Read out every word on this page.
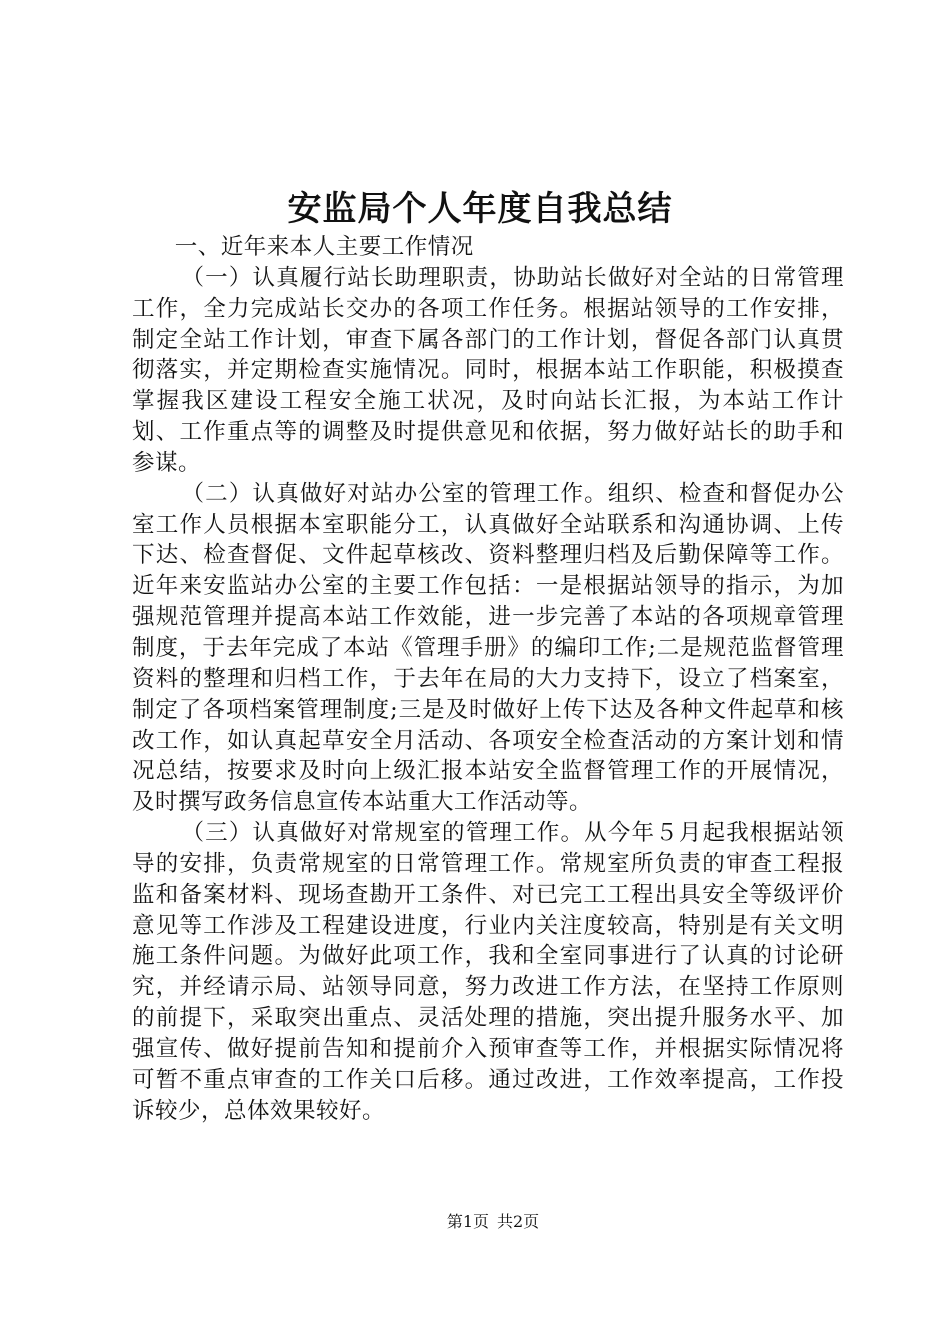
安监局个人年度自我总结

一、近年来本人主要工作情况

（一）认真履行站长助理职责，协助站长做好对全站的日常管理工作，全力完成站长交办的各项工作任务。根据站领导的工作安排，制定全站工作计划，审查下属各部门的工作计划，督促各部门认真贯彻落实，并定期检查实施情况。同时，根据本站工作职能，积极摸查掌握我区建设工程安全施工状况，及时向站长汇报，为本站工作计划、工作重点等的调整及时提供意见和依据，努力做好站长的助手和参谋。

（二）认真做好对站办公室的管理工作。组织、检查和督促办公室工作人员根据本室职能分工，认真做好全站联系和沟通协调、上传下达、检查督促、文件起草核改、资料整理归档及后勤保障等工作。近年来安监站办公室的主要工作包括：一是根据站领导的指示，为加强规范管理并提高本站工作效能，进一步完善了本站的各项规章管理制度，于去年完成了本站《管理手册》的编印工作;二是规范监督管理资料的整理和归档工作，于去年在局的大力支持下，设立了档案室，制定了各项档案管理制度;三是及时做好上传下达及各种文件起草和核改工作，如认真起草安全月活动、各项安全检查活动的方案计划和情况总结，按要求及时向上级汇报本站安全监督管理工作的开展情况，及时撰写政务信息宣传本站重大工作活动等。

（三）认真做好对常规室的管理工作。从今年５月起我根据站领导的安排，负责常规室的日常管理工作。常规室所负责的审查工程报监和备案材料、现场查勘开工条件、对已完工工程出具安全等级评价意见等工作涉及工程建设进度，行业内关注度较高，特别是有关文明施工条件问题。为做好此项工作，我和全室同事进行了认真的讨论研究，并经请示局、站领导同意，努力改进工作方法，在坚持工作原则的前提下，采取突出重点、灵活处理的措施，突出提升服务水平、加强宣传、做好提前告知和提前介入预审查等工作，并根据实际情况将可暂不重点审查的工作关口后移。通过改进，工作效率提高，工作投诉较少，总体效果较好。

第1页 共2页
